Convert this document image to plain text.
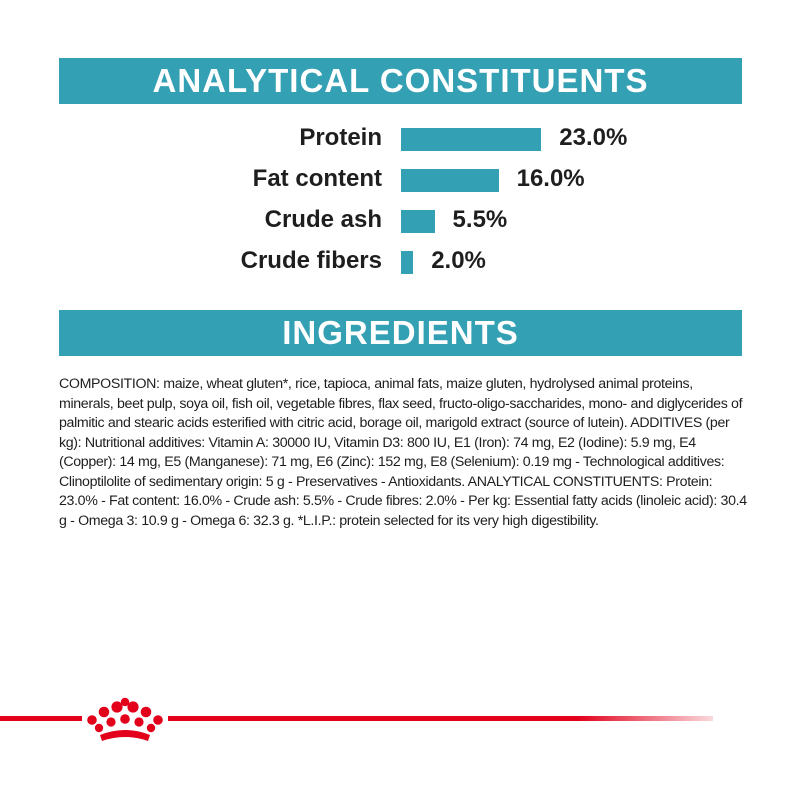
ANALYTICAL CONSTITUENTS
Protein	23.0%
Fat content	16.0%
Crude ash	5.5%
Crude fibers 2.0%
INGREDIENTS
COMPOSITION: maize, wheat gluten*, rice, tapioca, animal fats, maize gluten, hydrolysed animal proteins, minerals, beet pulp, soya oil, fish oil, vegetable fibres, flax seed, fructo-oligo-saccharides, mono- and diglycerides of palmitic and stearic acids esterified with citric acid, borage oil, marigold extract (source of lutein). ADDITIVES (per kg): Nutritional additives: Vitamin A: 30000 IU, Vitamin D3: 800 IU, E1 (Iron): 74 mg, E2 (Iodine): 5.9 mg, E4 (Copper): 14 mg, E5 (Manganese): 71 mg, E6 (Zinc): 152 mg, E8 (Selenium): 0.19 mg - Technological additives: Clinoptilolite of sedimentary origin: 5 g - Preservatives - Antioxidants. ANALYTICAL CONSTITUENTS: Protein: 23.0% - Fat content: 16.0% - Crude ash: 5.5% - Crude fibres: 2.0% - Per kg: Essential fatty acids (linoleic acid): 30.4 g - Omega 3: 10.9 g - Omega 6: 32.3 g. *L.I.P.: protein selected for its very high digestibility.
